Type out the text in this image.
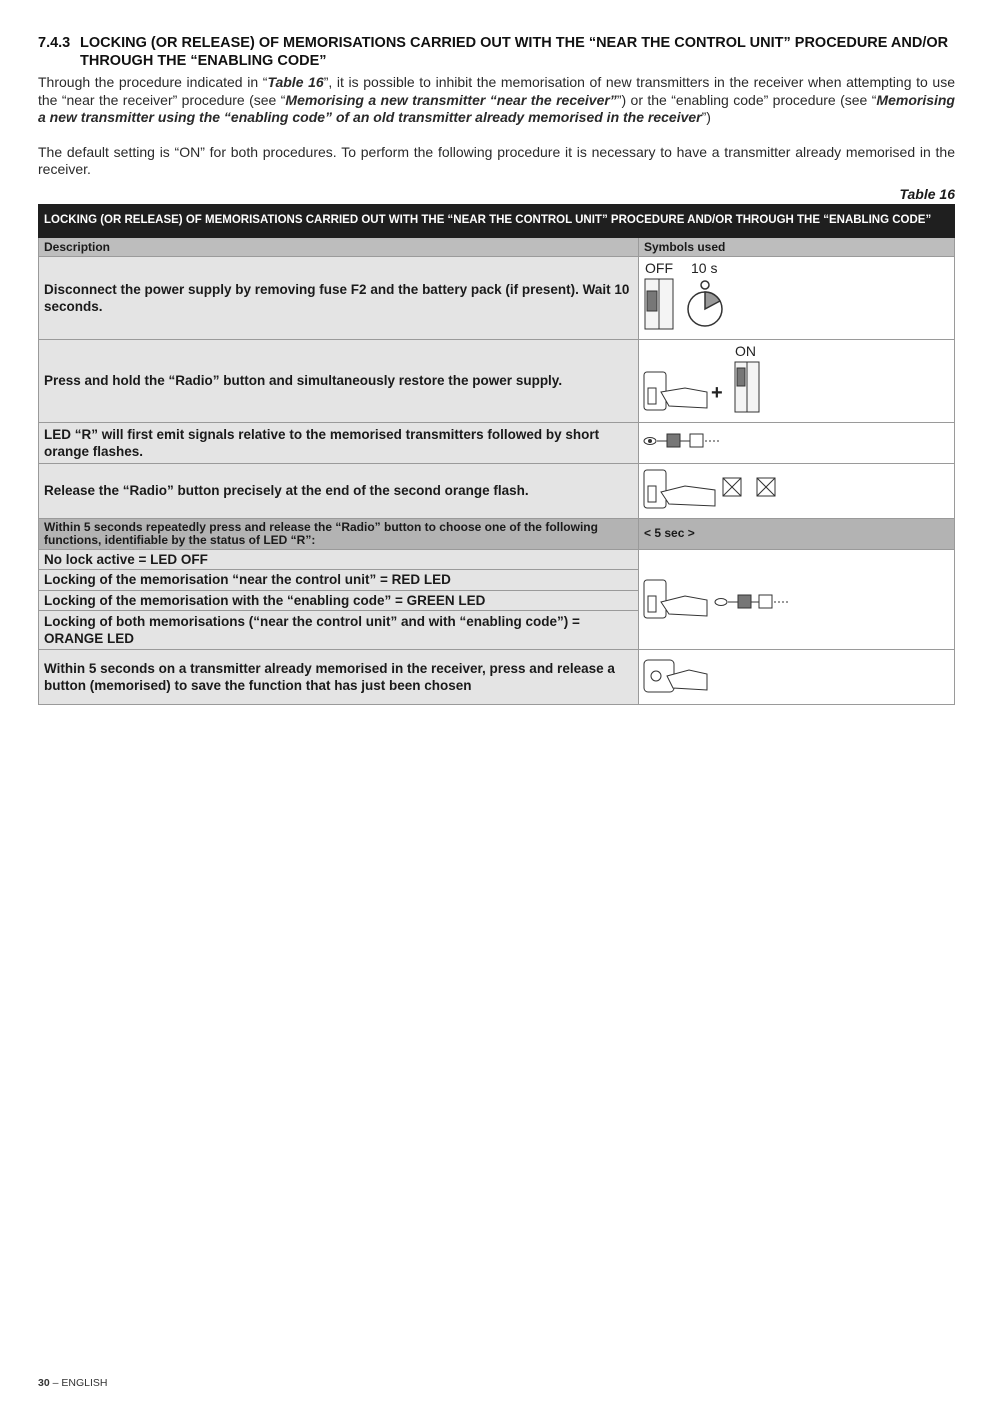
7.4.3 LOCKING (OR RELEASE) OF MEMORISATIONS CARRIED OUT WITH THE “NEAR THE CONTROL UNIT” PROCEDURE AND/OR THROUGH THE “ENABLING CODE”
Through the procedure indicated in “Table 16”, it is possible to inhibit the memorisation of new transmitters in the receiver when attempting to use the “near the receiver” procedure (see “Memorising a new transmitter “near the receiver””) or the “enabling code” procedure (see “Memorising a new transmitter using the “enabling code” of an old transmitter already memorised in the receiver”)
The default setting is “ON” for both procedures. To perform the following procedure it is necessary to have a transmitter already memorised in the receiver.
Table 16
LOCKING (OR RELEASE) OF MEMORISATIONS CARRIED OUT WITH THE “NEAR THE CONTROL UNIT” PROCEDURE AND/OR THROUGH THE “ENABLING CODE”	
Description	Symbols used
Disconnect the power supply by removing fuse F2 and the battery pack (if present). Wait 10 seconds.	OFF 10 s

Press and hold the “Radio” button and simultaneously restore the power supply.	ON
+

LED “R” will first emit signals relative to the memorised transmitters followed by short orange flashes.	
Release the “Radio” button precisely at the end of the second orange flash.	
Within 5 seconds repeatedly press and release the “Radio” button to choose one of the following functions, identifiable by the status of LED “R”:	< 5 sec >
No lock active = LED OFF	
Locking of the memorisation “near the control unit” = RED LED	
Locking of the memorisation with the “enabling code” = GREEN LED	
Locking of both memorisations (“near the control unit” and with “enabling code”) = ORANGE LED	
Within 5 seconds on a transmitter already memorised in the receiver, press and release a button (memorised) to save the function that has just been chosen	
30 – ENGLISH
